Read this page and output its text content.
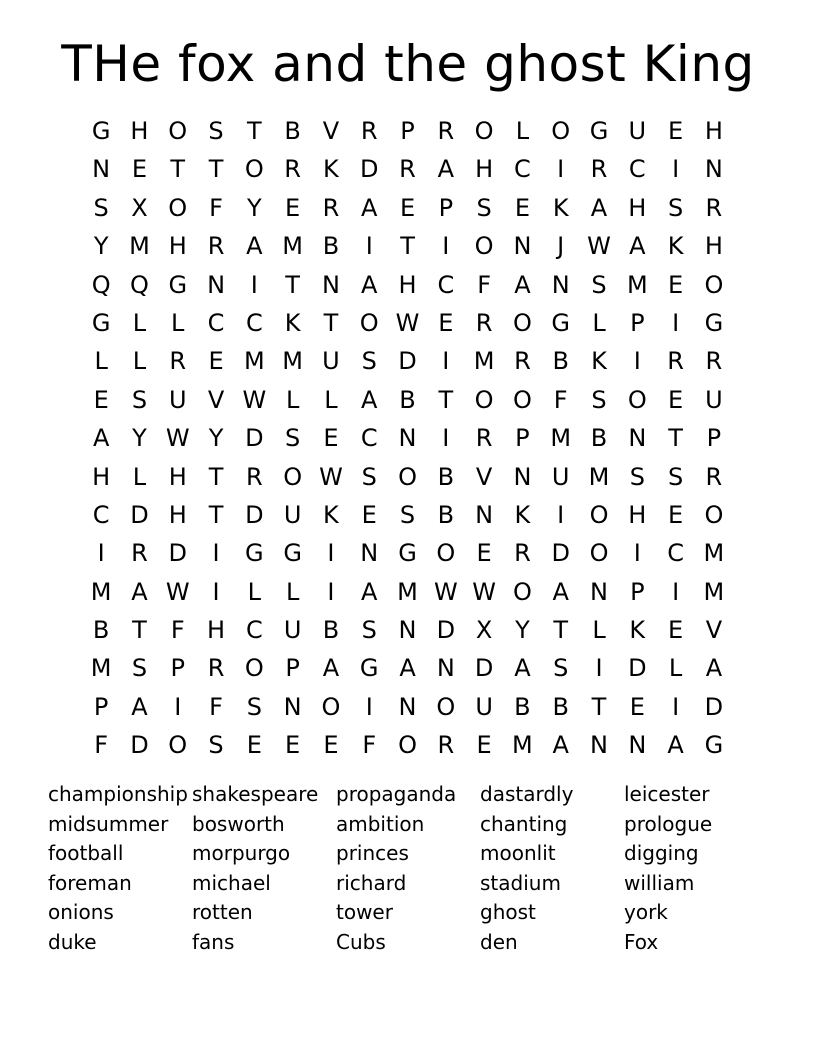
THe fox and the ghost King
G H O S T B V R P R O L O G U E H
N E T T O R K D R A H C I R C I N
S X O F Y E R A E P S E K A H S R
Y M H R A M B I T I O N J W A K H
Q Q G N I T N A H C F A N S M E O
G L L C C K T O W E R O G L P I G
L L R E M M U S D I M R B K I R R
E S U V W L L A B T O O F S O E U
A Y W Y D S E C N I R P M B N T P
H L H T R O W S O B V N U M S S R
C D H T D U K E S B N K I O H E O
I R D I G G I N G O E R D O I C M
M A W I L L I A M W W O A N P I M
B T F H C U B S N D X Y T L K E V
M S P R O P A G A N D A S I D L A
P A I F S N O I N O U B B T E I D
F D O S E E E F O R E M A N N A G
championship
midsummer
football
foreman
onions
duke
shakespeare
bosworth
morpurgo
michael
rotten
fans
propaganda
ambition
princes
richard
tower
Cubs
dastardly
chanting
moonlit
stadium
ghost
den
leicester
prologue
digging
william
york
Fox
